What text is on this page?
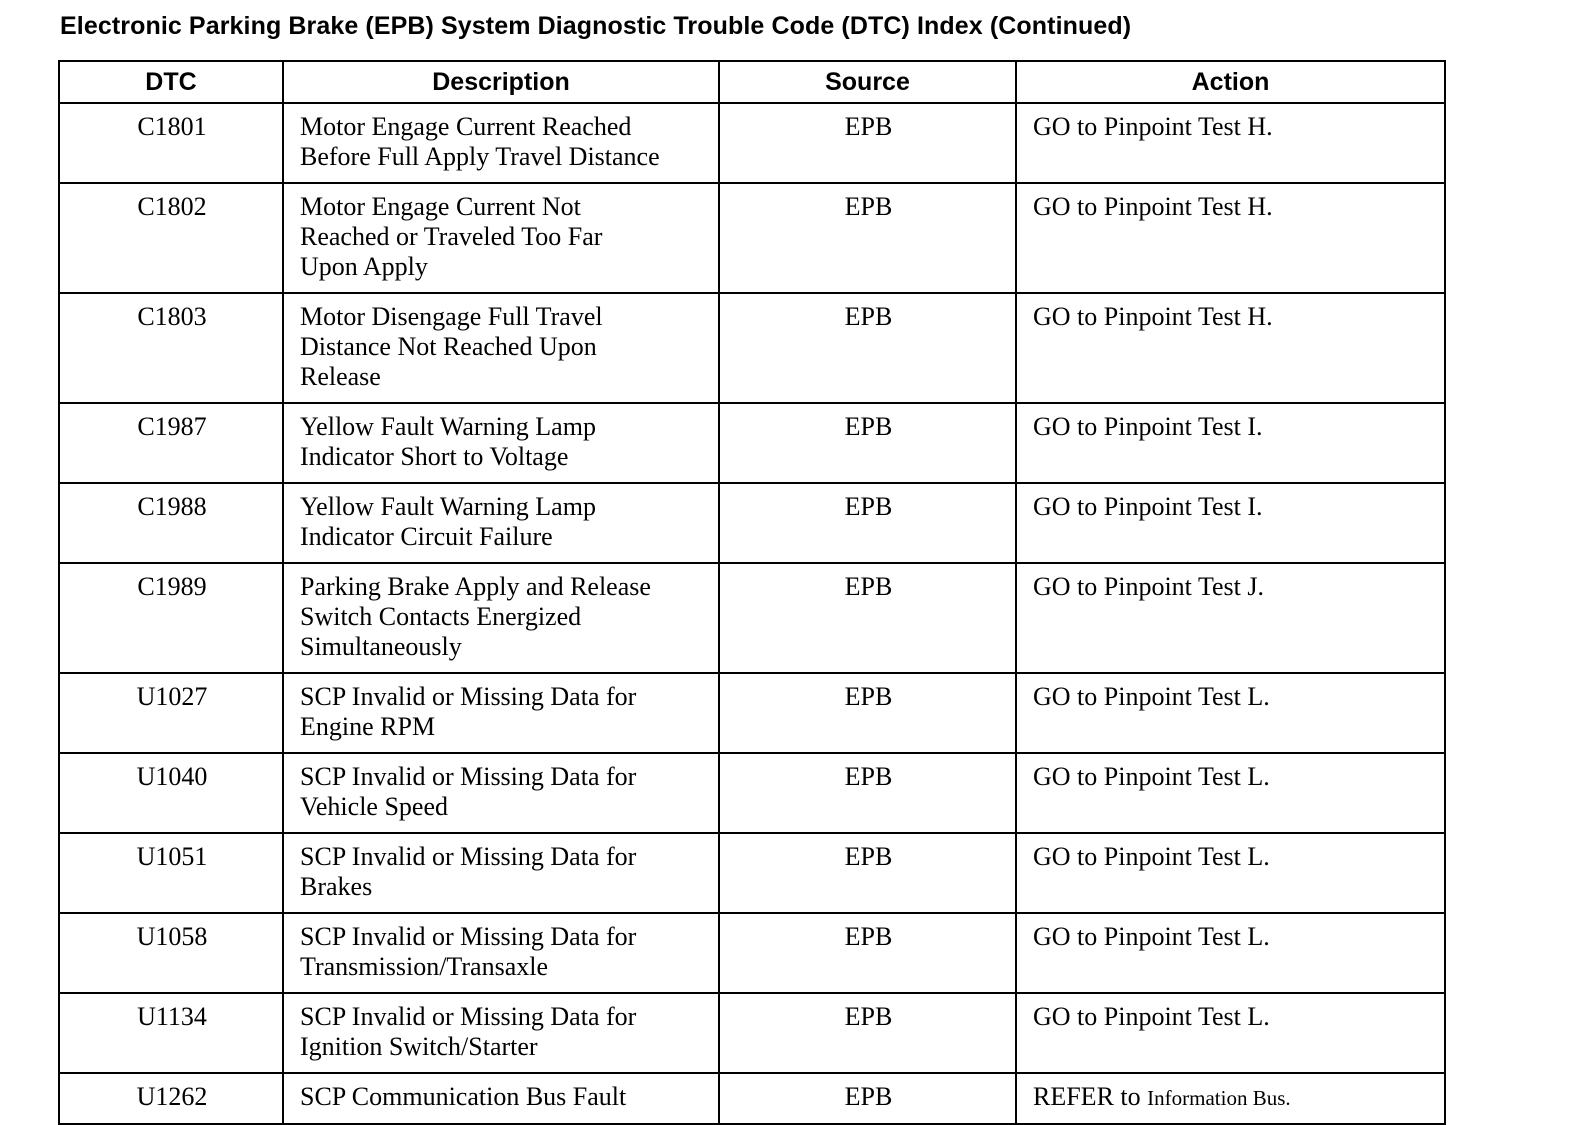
Electronic Parking Brake (EPB) System Diagnostic Trouble Code (DTC) Index (Continued)
DTC	Description	Source	Action
C1801	Motor Engage Current Reached
Before Full Apply Travel Distance	EPB	GO to Pinpoint Test H.
C1802	Motor Engage Current Not
Reached or Traveled Too Far
Upon Apply	EPB	GO to Pinpoint Test H.
C1803	Motor Disengage Full Travel
Distance Not Reached Upon
Release	EPB	GO to Pinpoint Test H.
C1987	Yellow Fault Warning Lamp
Indicator Short to Voltage	EPB	GO to Pinpoint Test I.
C1988	Yellow Fault Warning Lamp
Indicator Circuit Failure	EPB	GO to Pinpoint Test I.
C1989	Parking Brake Apply and Release
Switch Contacts Energized
Simultaneously	EPB	GO to Pinpoint Test J.
U1027	SCP Invalid or Missing Data for
Engine RPM	EPB	GO to Pinpoint Test L.
U1040	SCP Invalid or Missing Data for
Vehicle Speed	EPB	GO to Pinpoint Test L.
U1051	SCP Invalid or Missing Data for
Brakes	EPB	GO to Pinpoint Test L.
U1058	SCP Invalid or Missing Data for
Transmission/Transaxle	EPB	GO to Pinpoint Test L.
U1134	SCP Invalid or Missing Data for
Ignition Switch/Starter	EPB	GO to Pinpoint Test L.
U1262	SCP Communication Bus Fault	EPB	REFER to Information Bus.
